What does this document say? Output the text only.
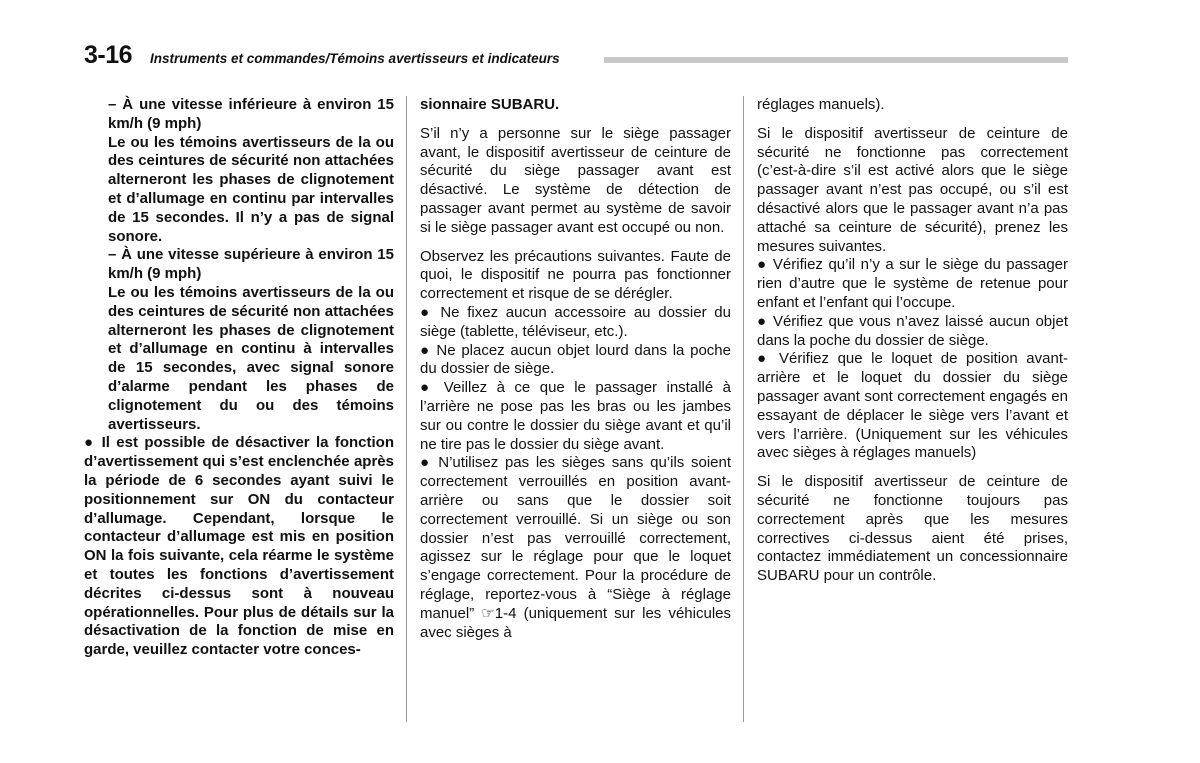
3-16 Instruments et commandes/Témoins avertisseurs et indicateurs

– À une vitesse inférieure à environ 15 km/h (9 mph)

Le ou les témoins avertisseurs de la ou des ceintures de sécurité non attachées alterneront les phases de clignotement et d’allumage en continu par intervalles de 15 secondes. Il n’y a pas de signal sonore.

– À une vitesse supérieure à environ 15 km/h (9 mph)

Le ou les témoins avertisseurs de la ou des ceintures de sécurité non attachées alterneront les phases de clignotement et d’allumage en continu à intervalles de 15 secondes, avec signal sonore d’alarme pendant les phases de clignotement du ou des témoins avertisseurs.

● Il est possible de désactiver la fonction d’avertissement qui s’est enclenchée après la période de 6 secondes ayant suivi le positionnement sur ON du contacteur d’allumage. Cependant, lorsque le contacteur d’allumage est mis en position ON la fois suivante, cela réarme le système et toutes les fonctions d’avertissement décrites ci-dessus sont à nouveau opérationnelles. Pour plus de détails sur la désactivation de la fonction de mise en garde, veuillez contacter votre conces-

sionnaire SUBARU.

S’il n’y a personne sur le siège passager avant, le dispositif avertisseur de ceinture de sécurité du siège passager avant est désactivé. Le système de détection de passager avant permet au système de savoir si le siège passager avant est occupé ou non.

Observez les précautions suivantes. Faute de quoi, le dispositif ne pourra pas fonctionner correctement et risque de se dérégler.

● Ne fixez aucun accessoire au dossier du siège (tablette, téléviseur, etc.).

● Ne placez aucun objet lourd dans la poche du dossier de siège.

● Veillez à ce que le passager installé à l’arrière ne pose pas les bras ou les jambes sur ou contre le dossier du siège avant et qu’il ne tire pas le dossier du siège avant.

● N’utilisez pas les sièges sans qu’ils soient correctement verrouillés en position avant-arrière ou sans que le dossier soit correctement verrouillé. Si un siège ou son dossier n’est pas verrouillé correctement, agissez sur le réglage pour que le loquet s’engage correctement. Pour la procédure de réglage, reportez-vous à “Siège à réglage manuel” ☞1-4 (uniquement sur les véhicules avec sièges à

réglages manuels).

Si le dispositif avertisseur de ceinture de sécurité ne fonctionne pas correctement (c’est-à-dire s’il est activé alors que le siège passager avant n’est pas occupé, ou s’il est désactivé alors que le passager avant n’a pas attaché sa ceinture de sécurité), prenez les mesures suivantes.

● Vérifiez qu’il n’y a sur le siège du passager rien d’autre que le système de retenue pour enfant et l’enfant qui l’occupe.

● Vérifiez que vous n’avez laissé aucun objet dans la poche du dossier de siège.

● Vérifiez que le loquet de position avant-arrière et le loquet du dossier du siège passager avant sont correctement engagés en essayant de déplacer le siège vers l’avant et vers l’arrière. (Uniquement sur les véhicules avec sièges à réglages manuels)

Si le dispositif avertisseur de ceinture de sécurité ne fonctionne toujours pas correctement après que les mesures correctives ci-dessus aient été prises, contactez immédiatement un concessionnaire SUBARU pour un contrôle.
